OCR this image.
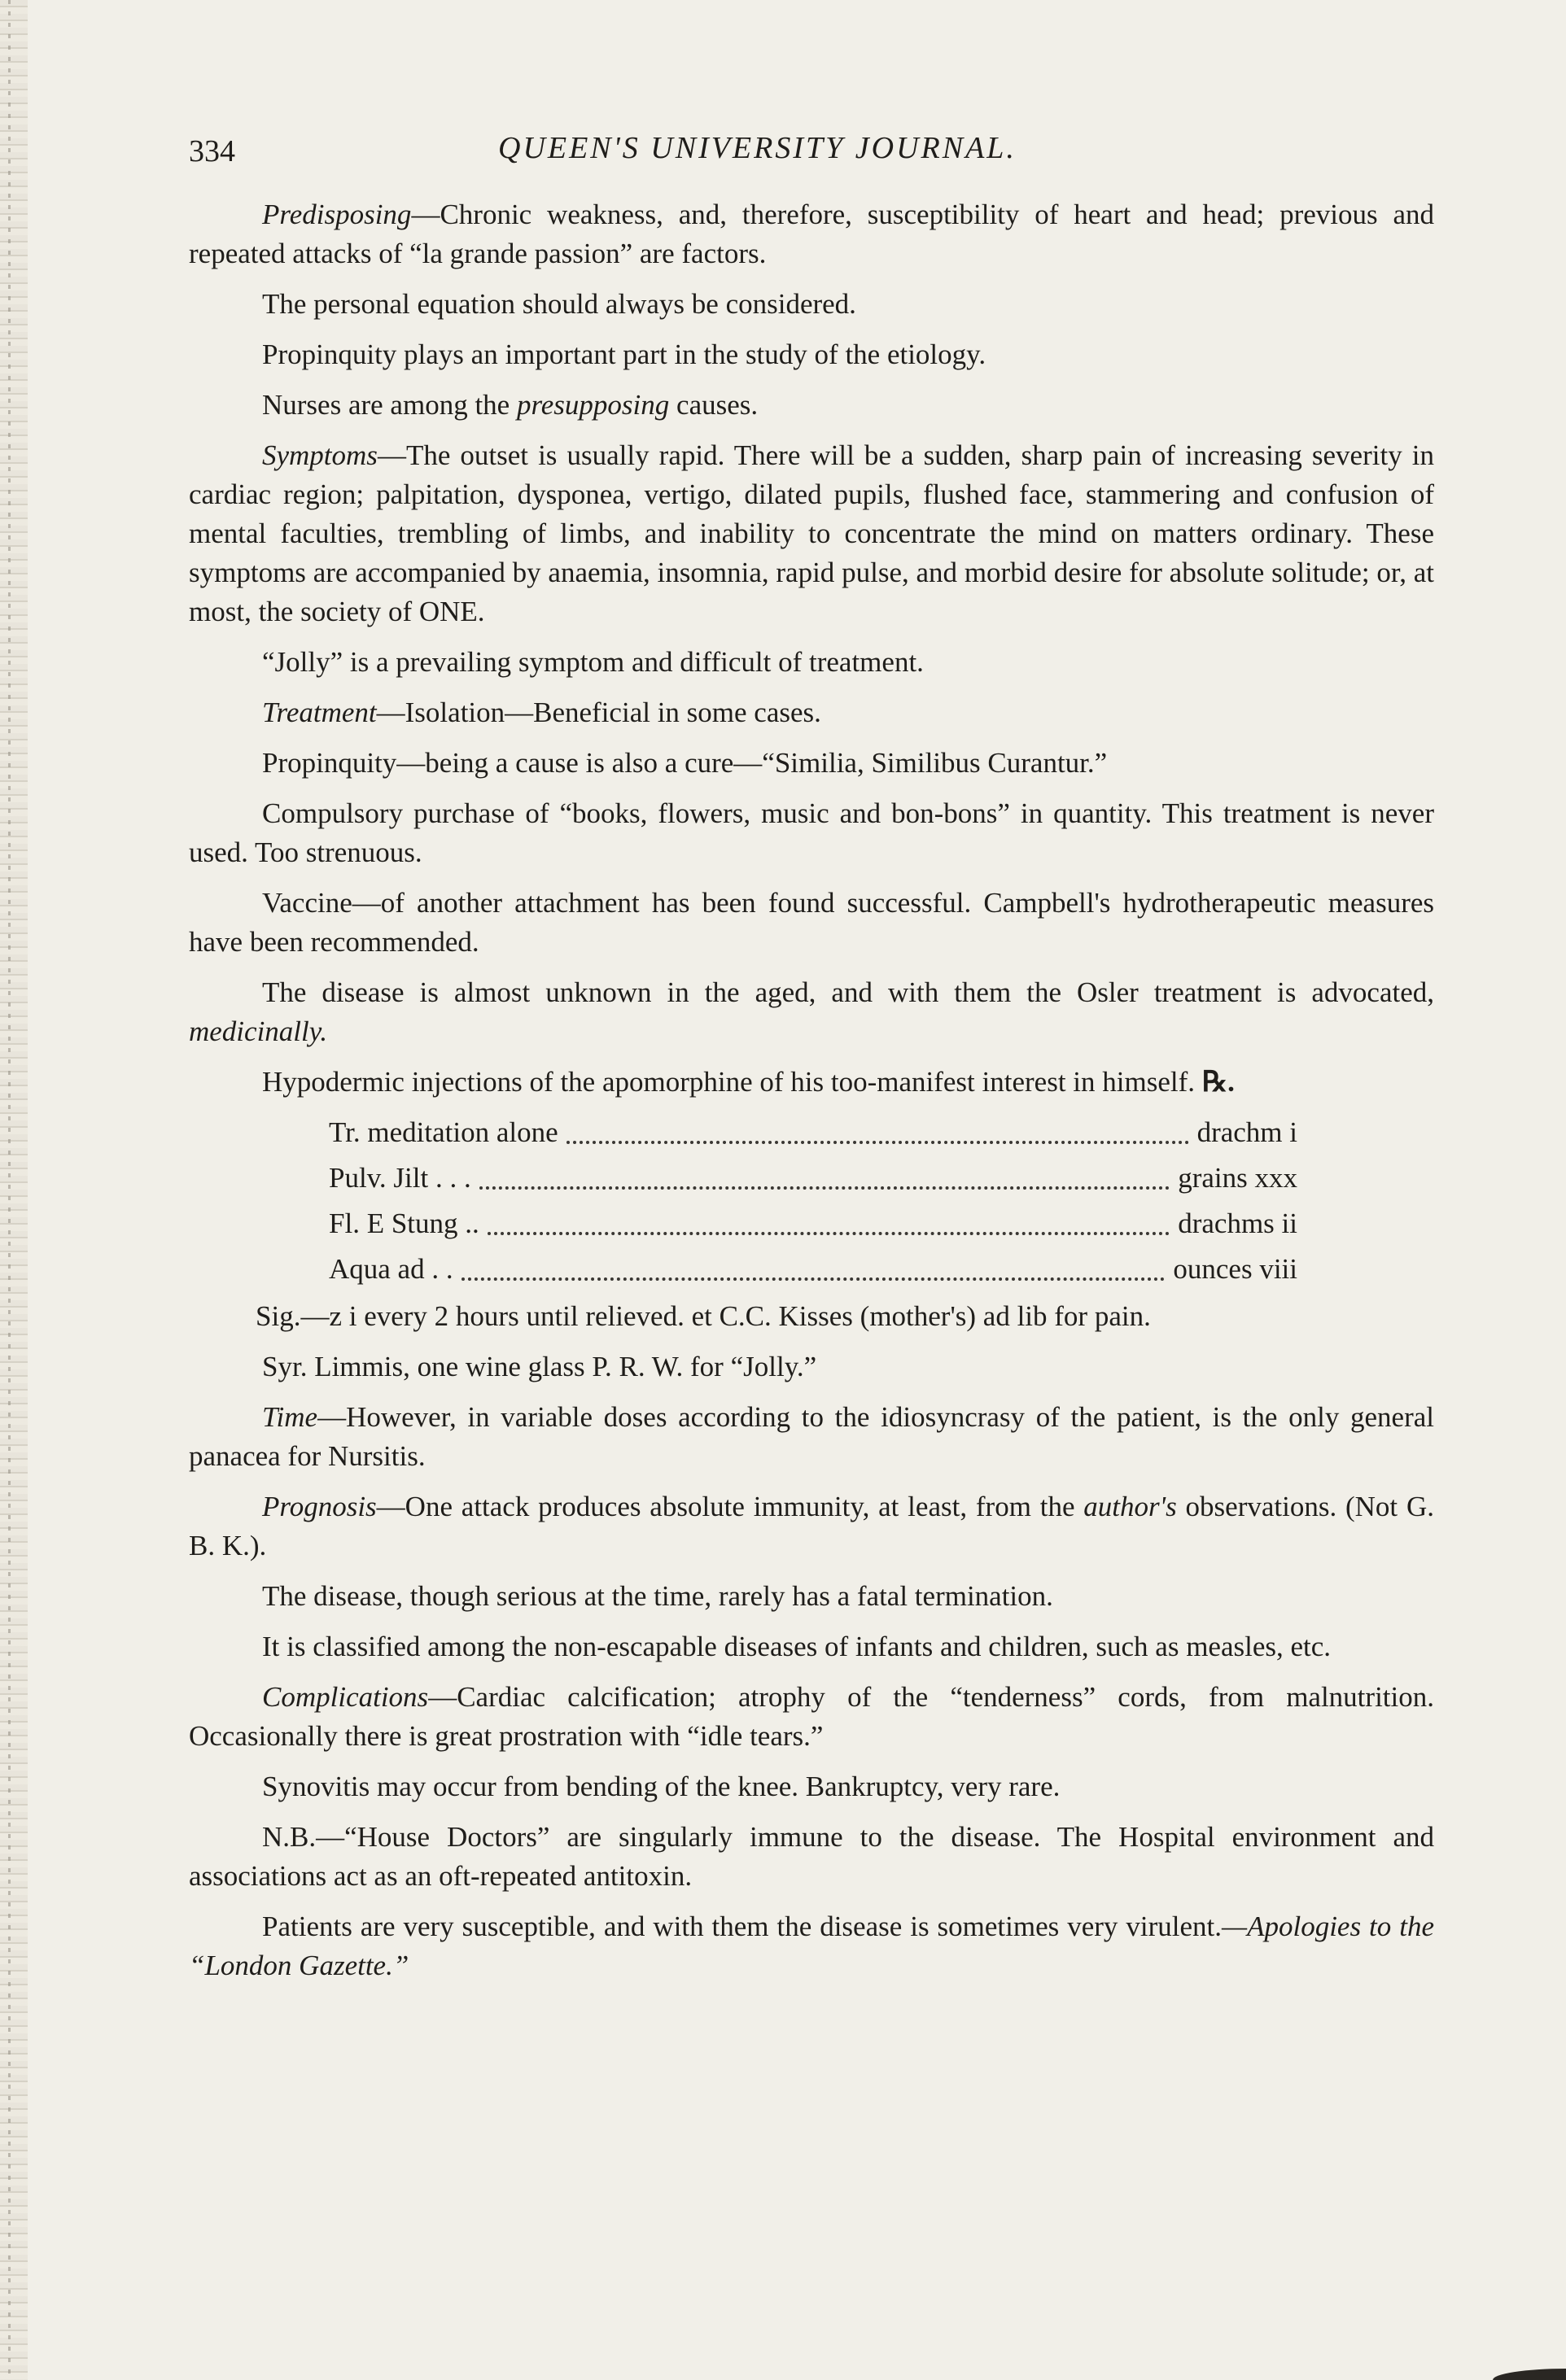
334	QUEEN'S UNIVERSITY JOURNAL.

Predisposing—Chronic weakness, and, therefore, susceptibility of heart and head; previous and repeated attacks of “la grande passion” are factors.

The personal equation should always be considered.

Propinquity plays an important part in the study of the etiology.

Nurses are among the presupposing causes.

Symptoms—The outset is usually rapid. There will be a sudden, sharp pain of increasing severity in cardiac region; palpitation, dysponea, vertigo, dilated pupils, flushed face, stammering and confusion of mental faculties, trembling of limbs, and inability to concentrate the mind on matters ordinary. These symptoms are accompanied by anaemia, insomnia, rapid pulse, and morbid desire for absolute solitude; or, at most, the society of ONE.

“Jolly” is a prevailing symptom and difficult of treatment.

Treatment—Isolation—Beneficial in some cases.

Propinquity—being a cause is also a cure—“Similia, Similibus Curantur.”

Compulsory purchase of “books, flowers, music and bon-bons” in quantity. This treatment is never used. Too strenuous.

Vaccine—of another attachment has been found successful. Campbell's hydrotherapeutic measures have been recommended.

The disease is almost unknown in the aged, and with them the Osler treatment is advocated, medicinally.

Hypodermic injections of the apomorphine of his too-manifest interest in himself. ℞.

Tr. meditation alone	drachm i
Pulv. Jilt . . .	grains xxx
Fl. E Stung ..	drachms ii
Aqua ad . .	ounces viii

Sig.—z i every 2 hours until relieved. et C.C. Kisses (mother's) ad lib for pain.

Syr. Limmis, one wine glass P. R. W. for “Jolly.”

Time—However, in variable doses according to the idiosyncrasy of the patient, is the only general panacea for Nursitis.

Prognosis—One attack produces absolute immunity, at least, from the author's observations. (Not G. B. K.).

The disease, though serious at the time, rarely has a fatal termination.

It is classified among the non-escapable diseases of infants and children, such as measles, etc.

Complications—Cardiac calcification; atrophy of the “tenderness” cords, from malnutrition. Occasionally there is great prostration with “idle tears.”

Synovitis may occur from bending of the knee. Bankruptcy, very rare.

N.B.—“House Doctors” are singularly immune to the disease. The Hospital environment and associations act as an oft-repeated antitoxin.

Patients are very susceptible, and with them the disease is sometimes very virulent.—Apologies to the “London Gazette.”
